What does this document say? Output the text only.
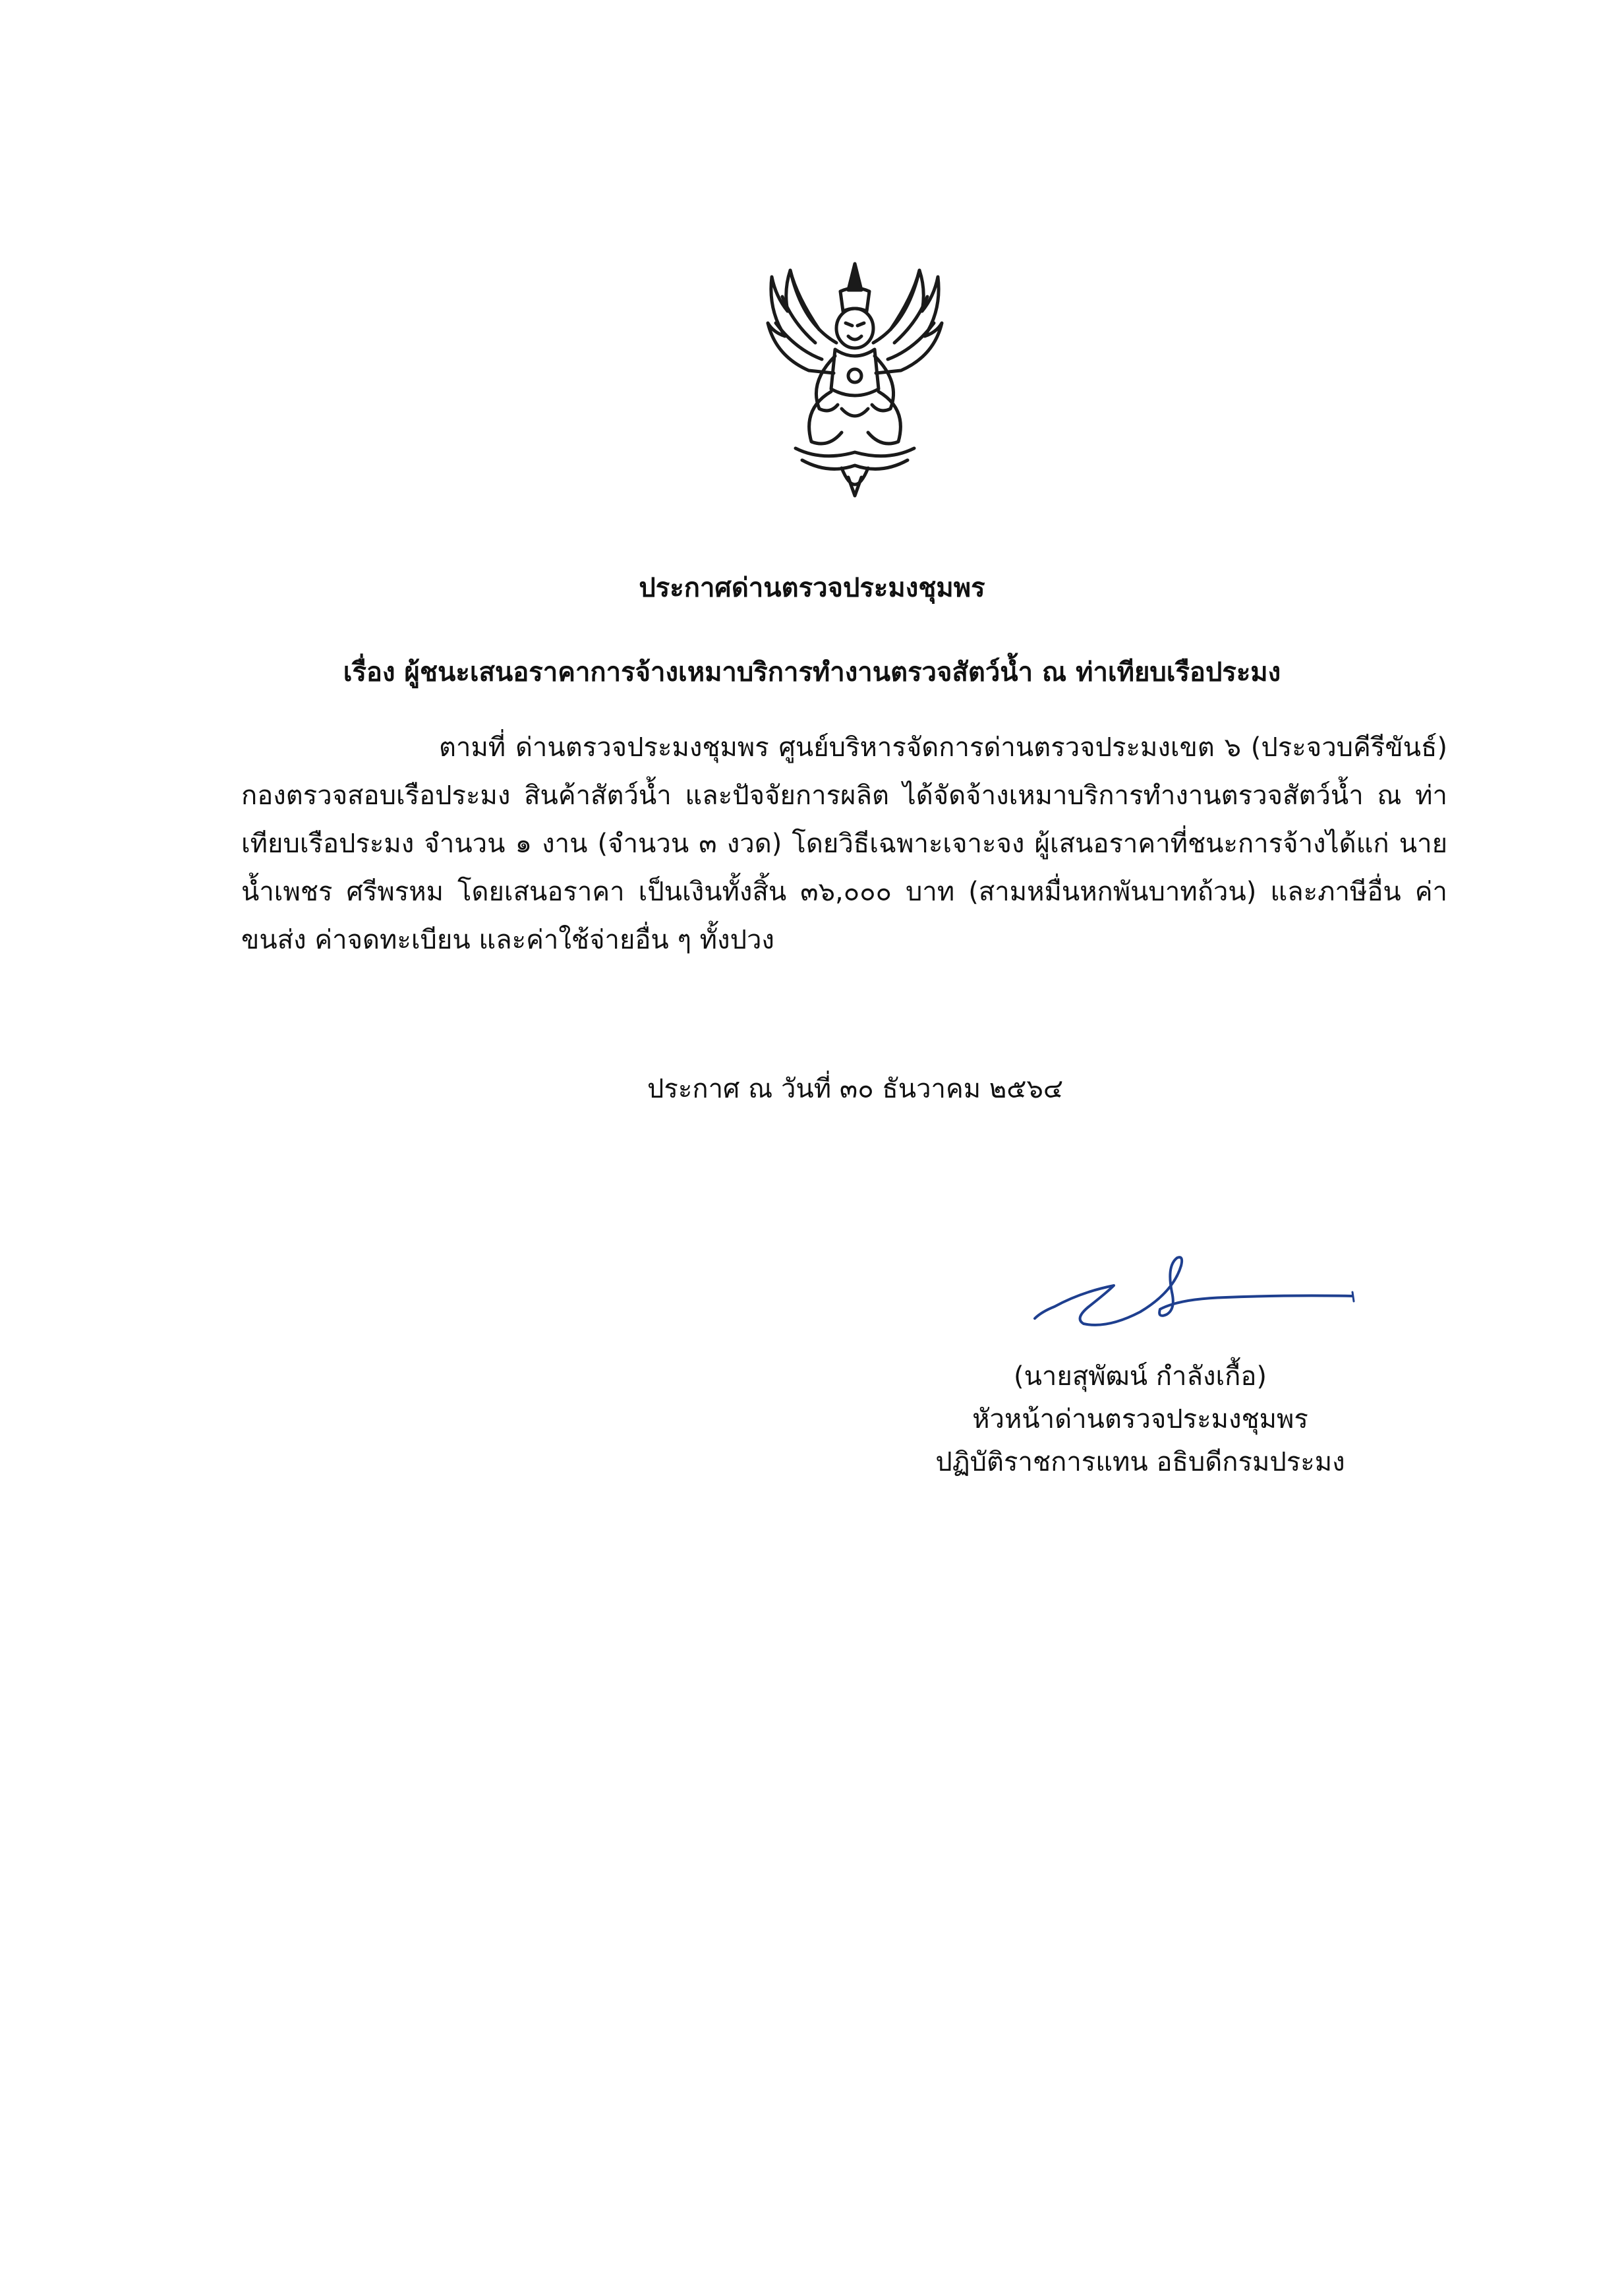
ประกาศด่านตรวจประมงชุมพร
เรื่อง ผู้ชนะเสนอราคาการจ้างเหมาบริการทำงานตรวจสัตว์น้ำ ณ ท่าเทียบเรือประมง

ตามที่ ด่านตรวจประมงชุมพร ศูนย์บริหารจัดการด่านตรวจประมงเขต ๖ (ประจวบคีรีขันธ์) กองตรวจสอบเรือประมง สินค้าสัตว์น้ำ และปัจจัยการผลิต ได้จัดจ้างเหมาบริการทำงานตรวจสัตว์น้ำ ณ ท่าเทียบเรือประมง จำนวน ๑ งาน (จำนวน ๓ งวด) โดยวิธีเฉพาะเจาะจง ผู้เสนอราคาที่ชนะการจ้างได้แก่ นายน้ำเพชร ศรีพรหม โดยเสนอราคา เป็นเงินทั้งสิ้น ๓๖,๐๐๐ บาท (สามหมื่นหกพันบาทถ้วน) และภาษีอื่น ค่าขนส่ง ค่าจดทะเบียน และค่าใช้จ่ายอื่น ๆ ทั้งปวง

ประกาศ ณ วันที่ ๓๐ ธันวาคม ๒๕๖๔

(นายสุพัฒน์ กำลังเกื้อ)

หัวหน้าด่านตรวจประมงชุมพร

ปฏิบัติราชการแทน อธิบดีกรมประมง
